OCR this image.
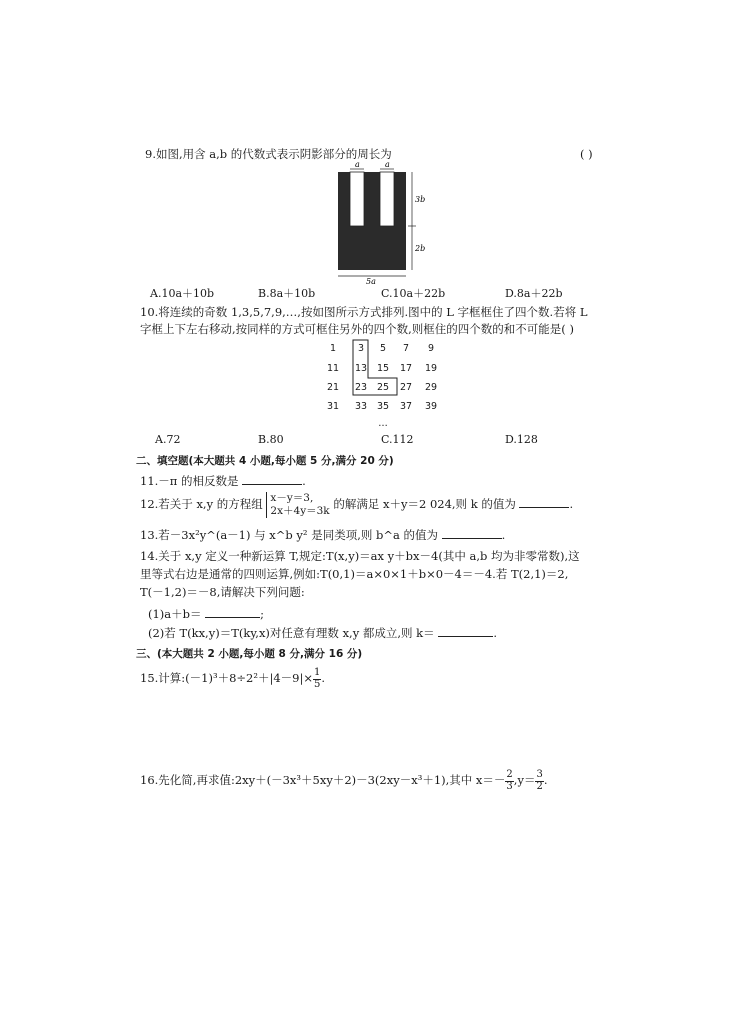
9.如图,用含 a,b 的代数式表示阴影部分的周长为	( )
a	a
3b
2b
5a
A.10a＋10b	B.8a＋10b	C.10a＋22b	D.8a＋22b
10.将连续的奇数 1,3,5,7,9,…,按如图所示方式排列.图中的 L 字框框住了四个数.若将 L
字框上下左右移动,按同样的方式可框住另外的四个数,则框住的四个数的和不可能是( )
1	3	5	7	9
11	13	15	17	19
21	23	25	27	29
31	33	35	37	39
…
A.72	B.80	C.112	D.128
二、填空题(本大题共 4 小题,每小题 5 分,满分 20 分)
11.－π 的相反数是	.
12.若关于 x,y 的方程组 x－y＝3,
2x＋4y＝3k 的解满足 x＋y＝2 024,则 k 的值为	.
13.若－3x²y^(a－1) 与 x^b y² 是同类项,则 b^a 的值为	.
14.关于 x,y 定义一种新运算 T,规定:T(x,y)＝ax y＋bx－4(其中 a,b 均为非零常数),这
里等式右边是通常的四则运算,例如:T(0,1)＝a×0×1＋b×0－4＝－4.若 T(2,1)＝2,
T(－1,2)＝－8,请解决下列问题:
(1)a＋b＝	;
(2)若 T(kx,y)＝T(ky,x)对任意有理数 x,y 都成立,则 k＝	.
三、(本大题共 2 小题,每小题 8 分,满分 16 分)
15.计算:(－1)³＋8÷2²＋|4－9|× $\frac{1}{5}$ .
16.先化简,再求值:2xy＋(－3x³＋5xy＋2)－3(2xy－x³＋1),其中 $x=- \frac{2}{3} ,y= \frac{3}{2}$ .
